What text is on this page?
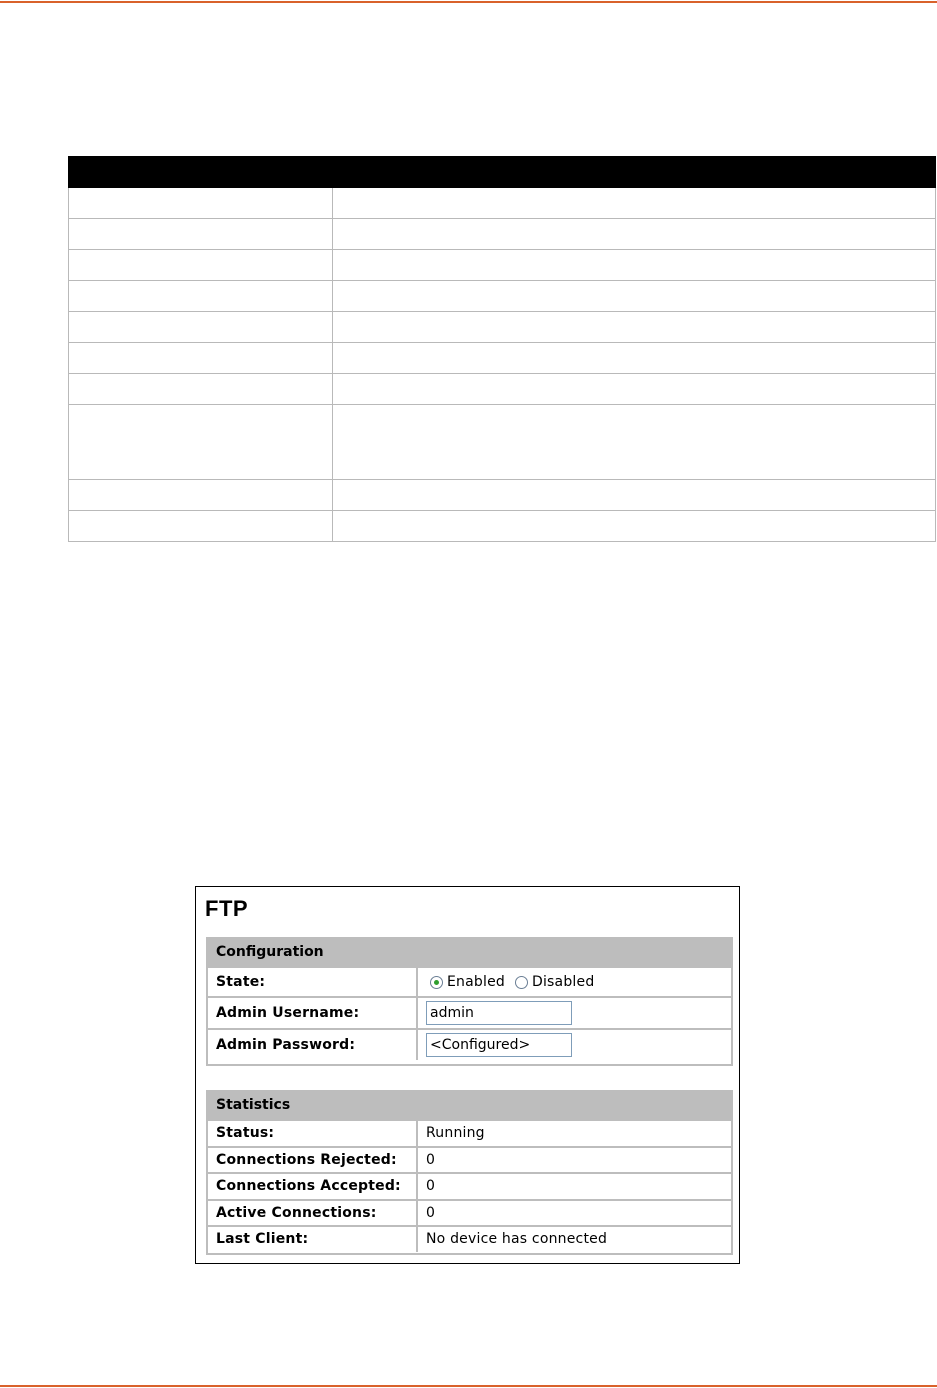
FTP
Configuration
State:	Enabled Disabled
Admin Username:
admin
Admin Password:
<Configured>
Statistics
Status:	Running
Connections Rejected:	0
Connections Accepted:	0
Active Connections:	0
Last Client:	No device has connected
